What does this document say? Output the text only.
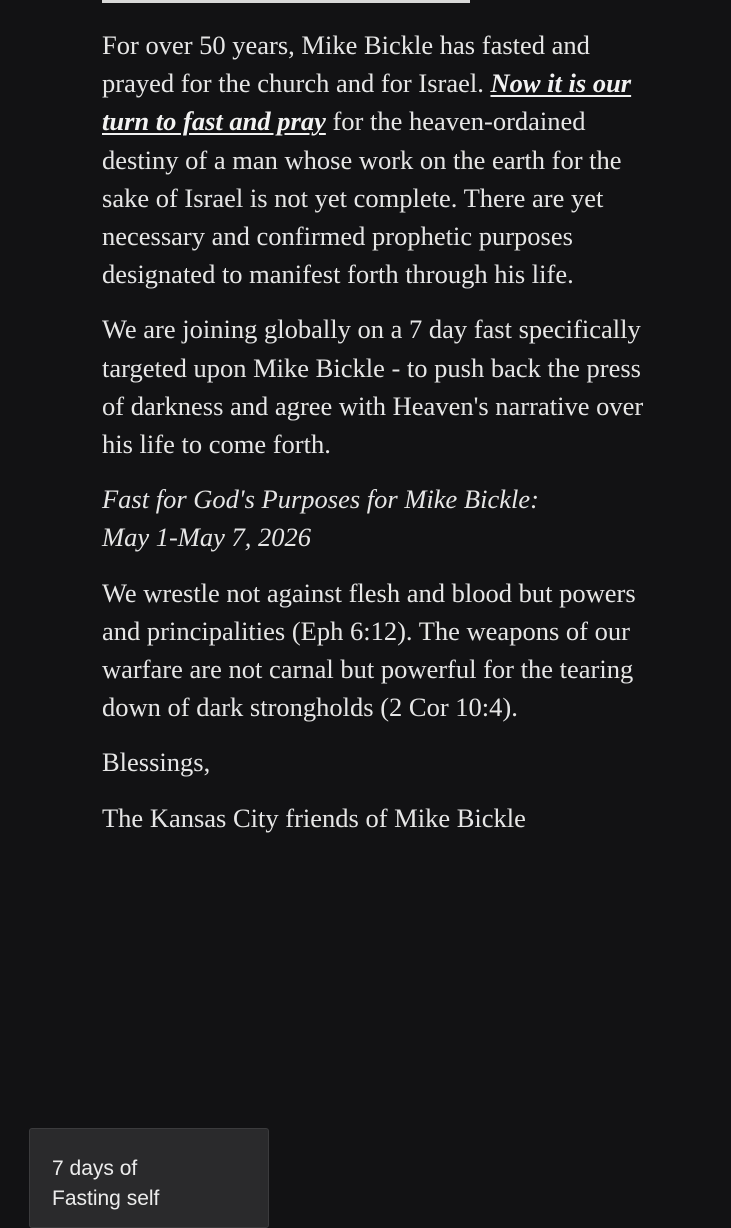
For over 50 years, Mike Bickle has fasted and prayed for the church and for Israel. Now it is our turn to fast and pray for the heaven-ordained destiny of a man whose work on the earth for the sake of Israel is not yet complete. There are yet necessary and confirmed prophetic purposes designated to manifest forth through his life.

We are joining globally on a 7 day fast specifically targeted upon Mike Bickle - to push back the press of darkness and agree with Heaven's narrative over his life to come forth.

Fast for God's Purposes for Mike Bickle:
May 1-May 7, 2026

We wrestle not against flesh and blood but powers and principalities (Eph 6:12). The weapons of our warfare are not carnal but powerful for the tearing down of dark strongholds (2 Cor 10:4).

Blessings,

The Kansas City friends of Mike Bickle

7 days of
Fasting self
